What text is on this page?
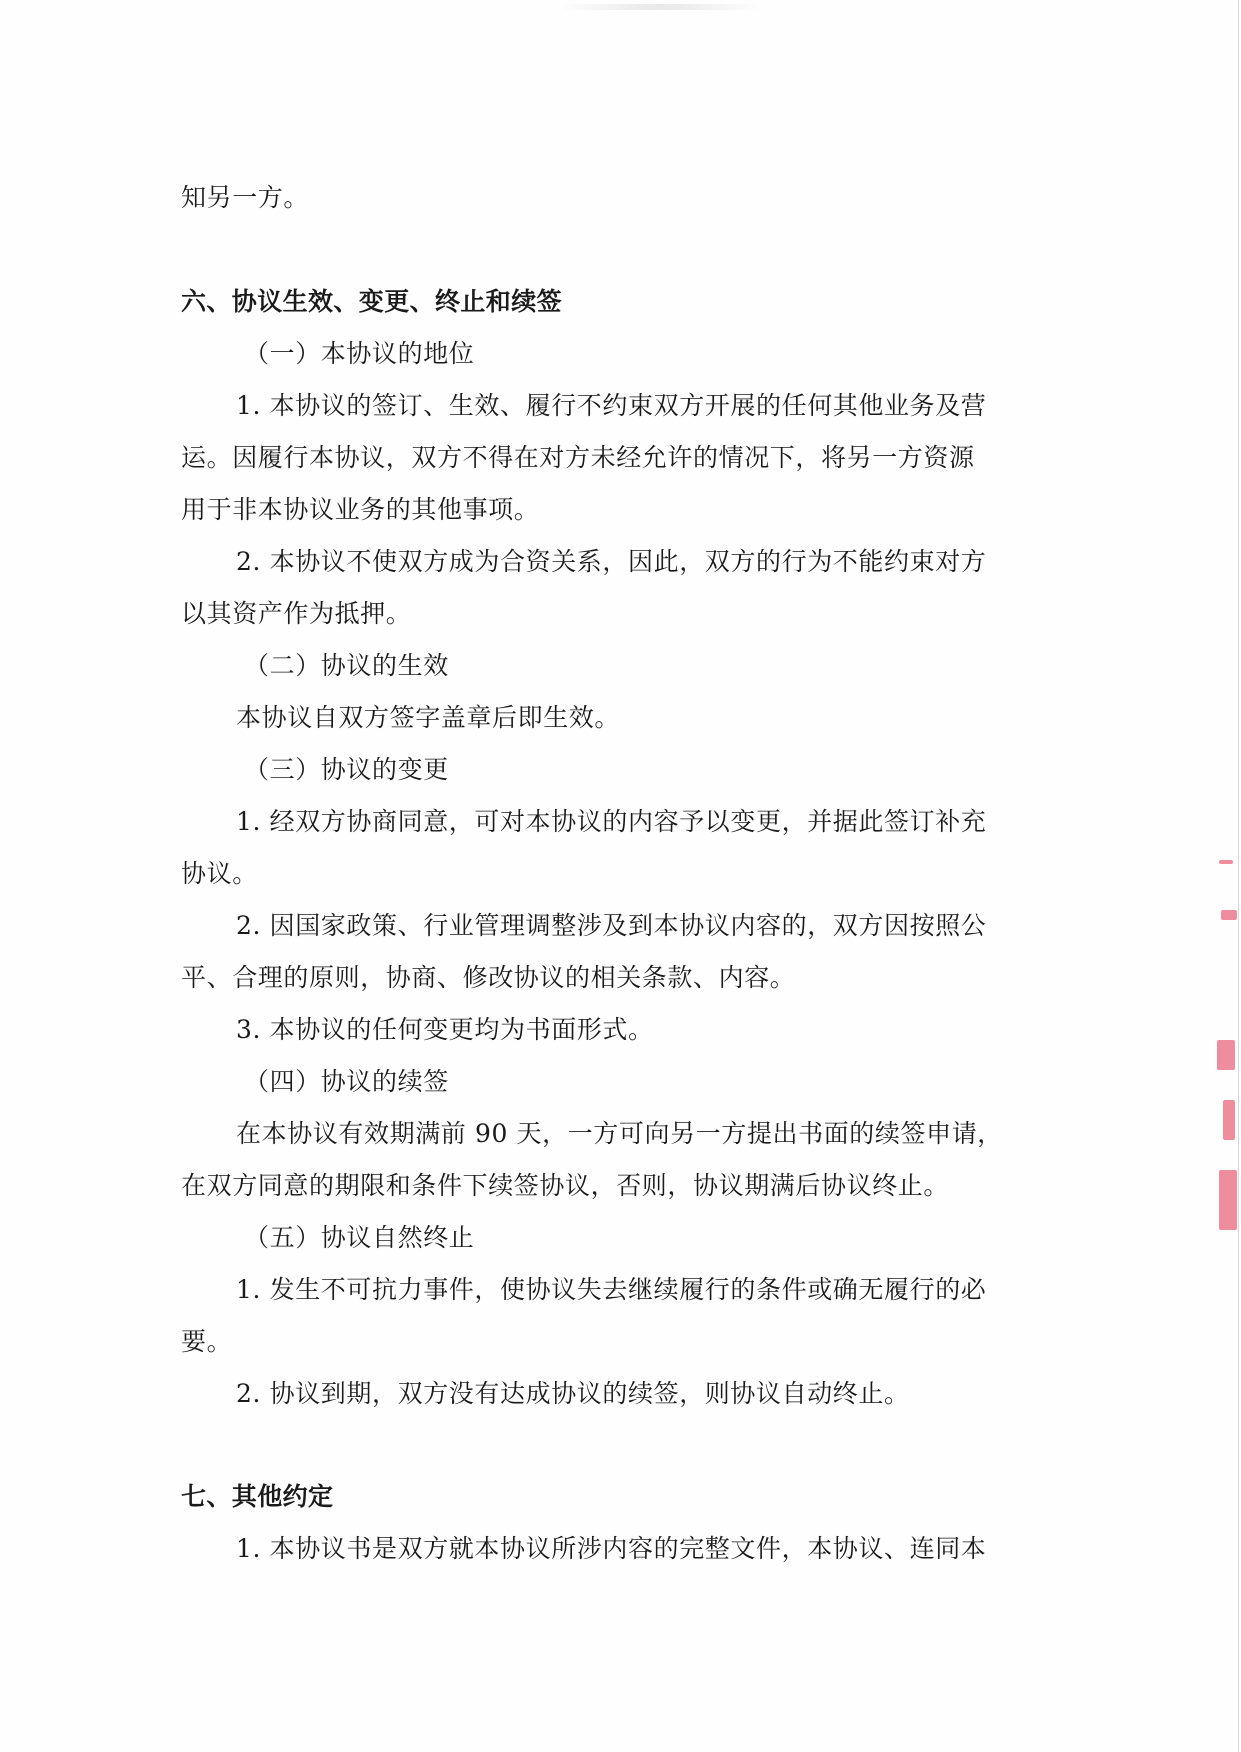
知另一方。
六、协议生效、变更、终止和续签
（一）本协议的地位
1. 本协议的签订、生效、履行不约束双方开展的任何其他业务及营
运。因履行本协议，双方不得在对方未经允许的情况下，将另一方资源
用于非本协议业务的其他事项。
2. 本协议不使双方成为合资关系，因此，双方的行为不能约束对方
以其资产作为抵押。
（二）协议的生效
本协议自双方签字盖章后即生效。
（三）协议的变更
1. 经双方协商同意，可对本协议的内容予以变更，并据此签订补充
协议。
2. 因国家政策、行业管理调整涉及到本协议内容的，双方因按照公
平、合理的原则，协商、修改协议的相关条款、内容。
3. 本协议的任何变更均为书面形式。
（四）协议的续签
在本协议有效期满前 90 天，一方可向另一方提出书面的续签申请，
在双方同意的期限和条件下续签协议，否则，协议期满后协议终止。
（五）协议自然终止
1. 发生不可抗力事件，使协议失去继续履行的条件或确无履行的必
要。
2. 协议到期，双方没有达成协议的续签，则协议自动终止。
七、其他约定
1. 本协议书是双方就本协议所涉内容的完整文件，本协议、连同本
